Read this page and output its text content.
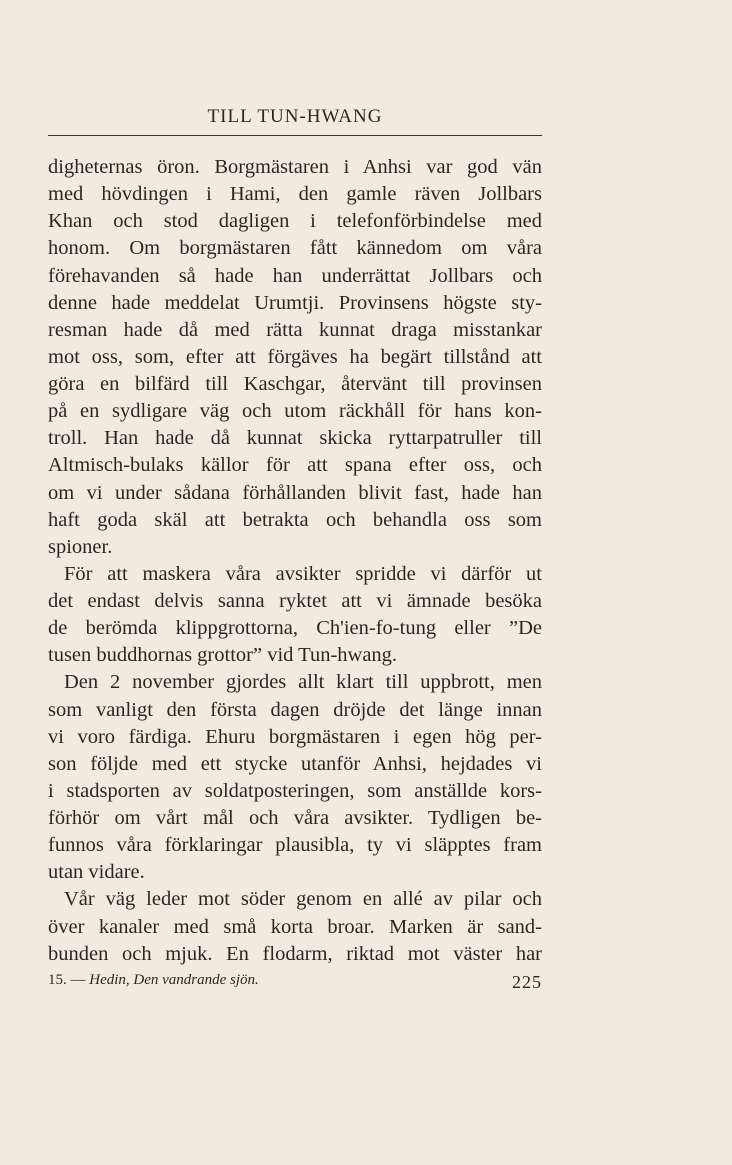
TILL TUN-HWANG
digheternas öron. Borgmästaren i Anhsi var god vän
med hövdingen i Hami, den gamle räven Jollbars
Khan och stod dagligen i telefonförbindelse med
honom. Om borgmästaren fått kännedom om våra
förehavanden så hade han underrättat Jollbars och
denne hade meddelat Urumtji. Provinsens högste sty-
resman hade då med rätta kunnat draga misstankar
mot oss, som, efter att förgäves ha begärt tillstånd att
göra en bilfärd till Kaschgar, återvänt till provinsen
på en sydligare väg och utom räckhåll för hans kon-
troll. Han hade då kunnat skicka ryttarpatruller till
Altmisch-bulaks källor för att spana efter oss, och
om vi under sådana förhållanden blivit fast, hade han
haft goda skäl att betrakta och behandla oss som
spioner.
För att maskera våra avsikter spridde vi därför ut
det endast delvis sanna ryktet att vi ämnade besöka
de berömda klippgrottorna, Ch'ien-fo-tung eller ”De
tusen buddhornas grottor” vid Tun-hwang.
Den 2 november gjordes allt klart till uppbrott, men
som vanligt den första dagen dröjde det länge innan
vi voro färdiga. Ehuru borgmästaren i egen hög per-
son följde med ett stycke utanför Anhsi, hejdades vi
i stadsporten av soldatposteringen, som anställde kors-
förhör om vårt mål och våra avsikter. Tydligen be-
funnos våra förklaringar plausibla, ty vi släpptes fram
utan vidare.
Vår väg leder mot söder genom en allé av pilar och
över kanaler med små korta broar. Marken är sand-
bunden och mjuk. En flodarm, riktad mot väster har
15. — Hedin, Den vandrande sjön.	225
